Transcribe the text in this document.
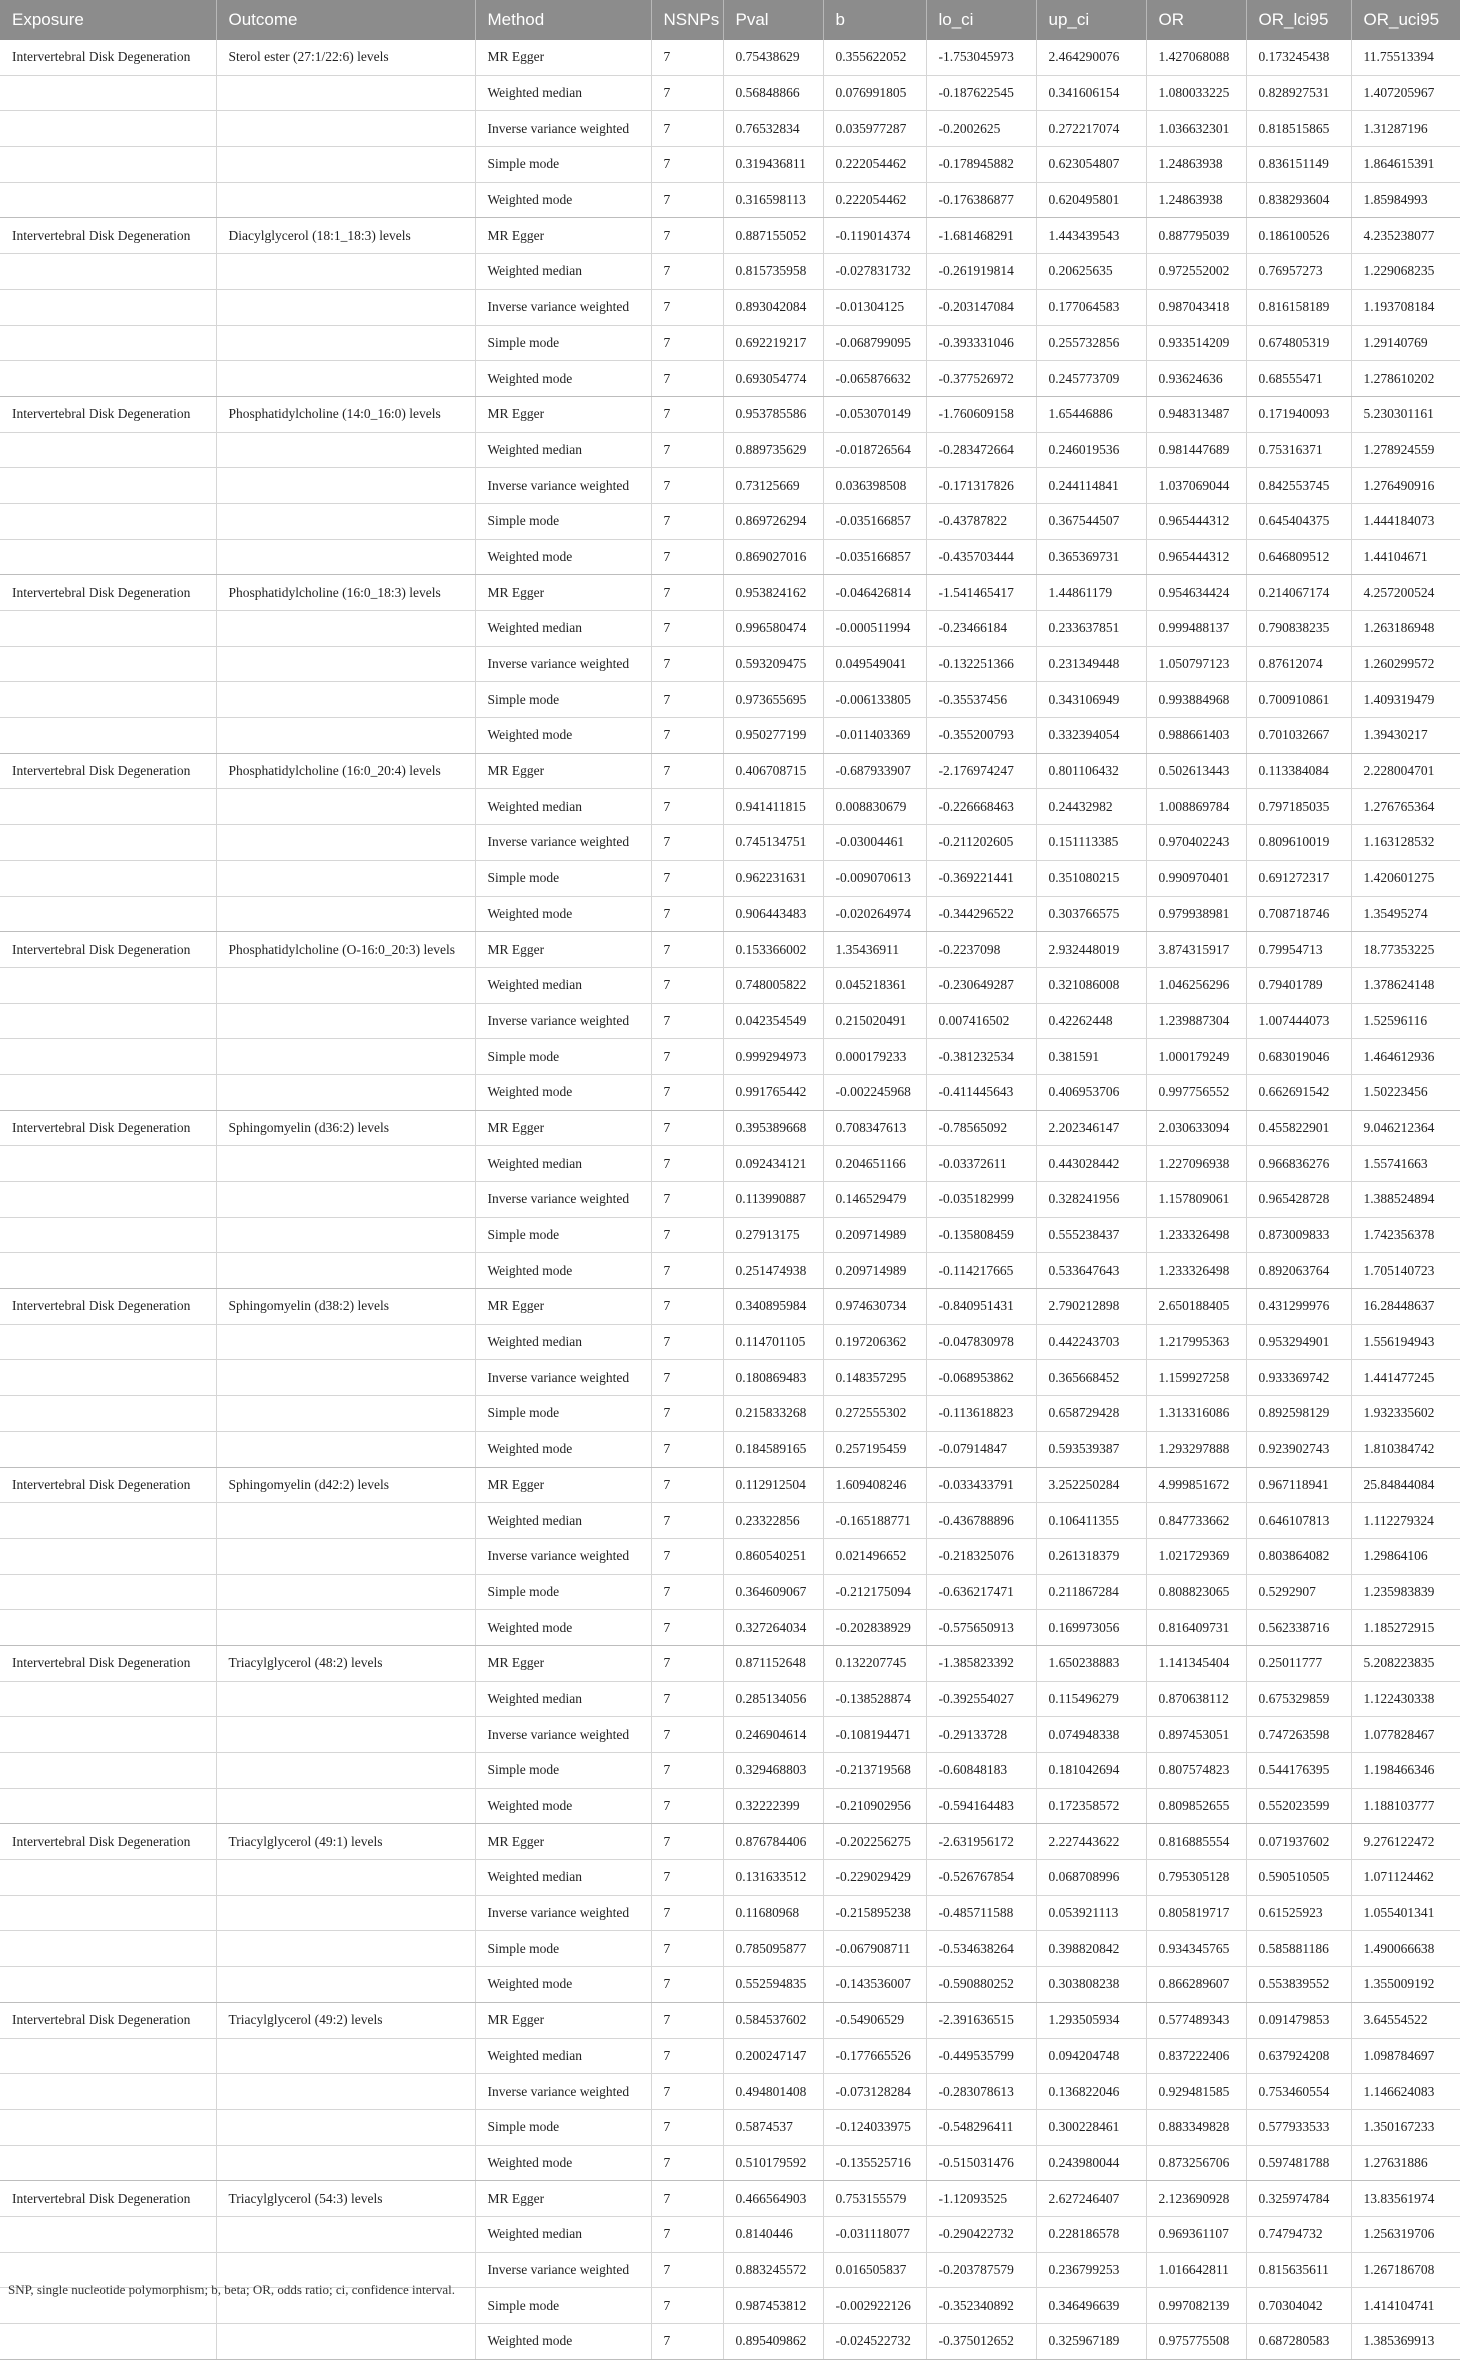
Exposure	Outcome	Method	NSNPs	Pval	b	lo_ci	up_ci	OR	OR_lci95	OR_uci95
Intervertebral Disk Degeneration	Sterol ester (27:1/22:6) levels	MR Egger	7	0.75438629	0.355622052	-1.753045973	2.464290076	1.427068088	0.173245438	11.75513394
		Weighted median	7	0.56848866	0.076991805	-0.187622545	0.341606154	1.080033225	0.828927531	1.407205967
		Inverse variance weighted	7	0.76532834	0.035977287	-0.2002625	0.272217074	1.036632301	0.818515865	1.31287196
		Simple mode	7	0.319436811	0.222054462	-0.178945882	0.623054807	1.24863938	0.836151149	1.864615391
		Weighted mode	7	0.316598113	0.222054462	-0.176386877	0.620495801	1.24863938	0.838293604	1.85984993
Intervertebral Disk Degeneration	Diacylglycerol (18:1_18:3) levels	MR Egger	7	0.887155052	-0.119014374	-1.681468291	1.443439543	0.887795039	0.186100526	4.235238077
		Weighted median	7	0.815735958	-0.027831732	-0.261919814	0.20625635	0.972552002	0.76957273	1.229068235
		Inverse variance weighted	7	0.893042084	-0.01304125	-0.203147084	0.177064583	0.987043418	0.816158189	1.193708184
		Simple mode	7	0.692219217	-0.068799095	-0.393331046	0.255732856	0.933514209	0.674805319	1.29140769
		Weighted mode	7	0.693054774	-0.065876632	-0.377526972	0.245773709	0.93624636	0.68555471	1.278610202
Intervertebral Disk Degeneration	Phosphatidylcholine (14:0_16:0) levels	MR Egger	7	0.953785586	-0.053070149	-1.760609158	1.65446886	0.948313487	0.171940093	5.230301161
		Weighted median	7	0.889735629	-0.018726564	-0.283472664	0.246019536	0.981447689	0.75316371	1.278924559
		Inverse variance weighted	7	0.73125669	0.036398508	-0.171317826	0.244114841	1.037069044	0.842553745	1.276490916
		Simple mode	7	0.869726294	-0.035166857	-0.43787822	0.367544507	0.965444312	0.645404375	1.444184073
		Weighted mode	7	0.869027016	-0.035166857	-0.435703444	0.365369731	0.965444312	0.646809512	1.44104671
Intervertebral Disk Degeneration	Phosphatidylcholine (16:0_18:3) levels	MR Egger	7	0.953824162	-0.046426814	-1.541465417	1.44861179	0.954634424	0.214067174	4.257200524
		Weighted median	7	0.996580474	-0.000511994	-0.23466184	0.233637851	0.999488137	0.790838235	1.263186948
		Inverse variance weighted	7	0.593209475	0.049549041	-0.132251366	0.231349448	1.050797123	0.87612074	1.260299572
		Simple mode	7	0.973655695	-0.006133805	-0.35537456	0.343106949	0.993884968	0.700910861	1.409319479
		Weighted mode	7	0.950277199	-0.011403369	-0.355200793	0.332394054	0.988661403	0.701032667	1.39430217
Intervertebral Disk Degeneration	Phosphatidylcholine (16:0_20:4) levels	MR Egger	7	0.406708715	-0.687933907	-2.176974247	0.801106432	0.502613443	0.113384084	2.228004701
		Weighted median	7	0.941411815	0.008830679	-0.226668463	0.24432982	1.008869784	0.797185035	1.276765364
		Inverse variance weighted	7	0.745134751	-0.03004461	-0.211202605	0.151113385	0.970402243	0.809610019	1.163128532
		Simple mode	7	0.962231631	-0.009070613	-0.369221441	0.351080215	0.990970401	0.691272317	1.420601275
		Weighted mode	7	0.906443483	-0.020264974	-0.344296522	0.303766575	0.979938981	0.708718746	1.35495274
Intervertebral Disk Degeneration	Phosphatidylcholine (O-16:0_20:3) levels	MR Egger	7	0.153366002	1.35436911	-0.2237098	2.932448019	3.874315917	0.79954713	18.77353225
		Weighted median	7	0.748005822	0.045218361	-0.230649287	0.321086008	1.046256296	0.79401789	1.378624148
		Inverse variance weighted	7	0.042354549	0.215020491	0.007416502	0.42262448	1.239887304	1.007444073	1.52596116
		Simple mode	7	0.999294973	0.000179233	-0.381232534	0.381591	1.000179249	0.683019046	1.464612936
		Weighted mode	7	0.991765442	-0.002245968	-0.411445643	0.406953706	0.997756552	0.662691542	1.50223456
Intervertebral Disk Degeneration	Sphingomyelin (d36:2) levels	MR Egger	7	0.395389668	0.708347613	-0.78565092	2.202346147	2.030633094	0.455822901	9.046212364
		Weighted median	7	0.092434121	0.204651166	-0.03372611	0.443028442	1.227096938	0.966836276	1.55741663
		Inverse variance weighted	7	0.113990887	0.146529479	-0.035182999	0.328241956	1.157809061	0.965428728	1.388524894
		Simple mode	7	0.27913175	0.209714989	-0.135808459	0.555238437	1.233326498	0.873009833	1.742356378
		Weighted mode	7	0.251474938	0.209714989	-0.114217665	0.533647643	1.233326498	0.892063764	1.705140723
Intervertebral Disk Degeneration	Sphingomyelin (d38:2) levels	MR Egger	7	0.340895984	0.974630734	-0.840951431	2.790212898	2.650188405	0.431299976	16.28448637
		Weighted median	7	0.114701105	0.197206362	-0.047830978	0.442243703	1.217995363	0.953294901	1.556194943
		Inverse variance weighted	7	0.180869483	0.148357295	-0.068953862	0.365668452	1.159927258	0.933369742	1.441477245
		Simple mode	7	0.215833268	0.272555302	-0.113618823	0.658729428	1.313316086	0.892598129	1.932335602
		Weighted mode	7	0.184589165	0.257195459	-0.07914847	0.593539387	1.293297888	0.923902743	1.810384742
Intervertebral Disk Degeneration	Sphingomyelin (d42:2) levels	MR Egger	7	0.112912504	1.609408246	-0.033433791	3.252250284	4.999851672	0.967118941	25.84844084
		Weighted median	7	0.23322856	-0.165188771	-0.436788896	0.106411355	0.847733662	0.646107813	1.112279324
		Inverse variance weighted	7	0.860540251	0.021496652	-0.218325076	0.261318379	1.021729369	0.803864082	1.29864106
		Simple mode	7	0.364609067	-0.212175094	-0.636217471	0.211867284	0.808823065	0.5292907	1.235983839
		Weighted mode	7	0.327264034	-0.202838929	-0.575650913	0.169973056	0.816409731	0.562338716	1.185272915
Intervertebral Disk Degeneration	Triacylglycerol (48:2) levels	MR Egger	7	0.871152648	0.132207745	-1.385823392	1.650238883	1.141345404	0.25011777	5.208223835
		Weighted median	7	0.285134056	-0.138528874	-0.392554027	0.115496279	0.870638112	0.675329859	1.122430338
		Inverse variance weighted	7	0.246904614	-0.108194471	-0.29133728	0.074948338	0.897453051	0.747263598	1.077828467
		Simple mode	7	0.329468803	-0.213719568	-0.60848183	0.181042694	0.807574823	0.544176395	1.198466346
		Weighted mode	7	0.32222399	-0.210902956	-0.594164483	0.172358572	0.809852655	0.552023599	1.188103777
Intervertebral Disk Degeneration	Triacylglycerol (49:1) levels	MR Egger	7	0.876784406	-0.202256275	-2.631956172	2.227443622	0.816885554	0.071937602	9.276122472
		Weighted median	7	0.131633512	-0.229029429	-0.526767854	0.068708996	0.795305128	0.590510505	1.071124462
		Inverse variance weighted	7	0.11680968	-0.215895238	-0.485711588	0.053921113	0.805819717	0.61525923	1.055401341
		Simple mode	7	0.785095877	-0.067908711	-0.534638264	0.398820842	0.934345765	0.585881186	1.490066638
		Weighted mode	7	0.552594835	-0.143536007	-0.590880252	0.303808238	0.866289607	0.553839552	1.355009192
Intervertebral Disk Degeneration	Triacylglycerol (49:2) levels	MR Egger	7	0.584537602	-0.54906529	-2.391636515	1.293505934	0.577489343	0.091479853	3.64554522
		Weighted median	7	0.200247147	-0.177665526	-0.449535799	0.094204748	0.837222406	0.637924208	1.098784697
		Inverse variance weighted	7	0.494801408	-0.073128284	-0.283078613	0.136822046	0.929481585	0.753460554	1.146624083
		Simple mode	7	0.5874537	-0.124033975	-0.548296411	0.300228461	0.883349828	0.577933533	1.350167233
		Weighted mode	7	0.510179592	-0.135525716	-0.515031476	0.243980044	0.873256706	0.597481788	1.27631886
Intervertebral Disk Degeneration	Triacylglycerol (54:3) levels	MR Egger	7	0.466564903	0.753155579	-1.12093525	2.627246407	2.123690928	0.325974784	13.83561974
		Weighted median	7	0.8140446	-0.031118077	-0.290422732	0.228186578	0.969361107	0.74794732	1.256319706
		Inverse variance weighted	7	0.883245572	0.016505837	-0.203787579	0.236799253	1.016642811	0.815635611	1.267186708
		Simple mode	7	0.987453812	-0.002922126	-0.352340892	0.346496639	0.997082139	0.70304042	1.414104741
		Weighted mode	7	0.895409862	-0.024522732	-0.375012652	0.325967189	0.975775508	0.687280583	1.385369913
SNP, single nucleotide polymorphism; b, beta; OR, odds ratio; ci, confidence interval.
